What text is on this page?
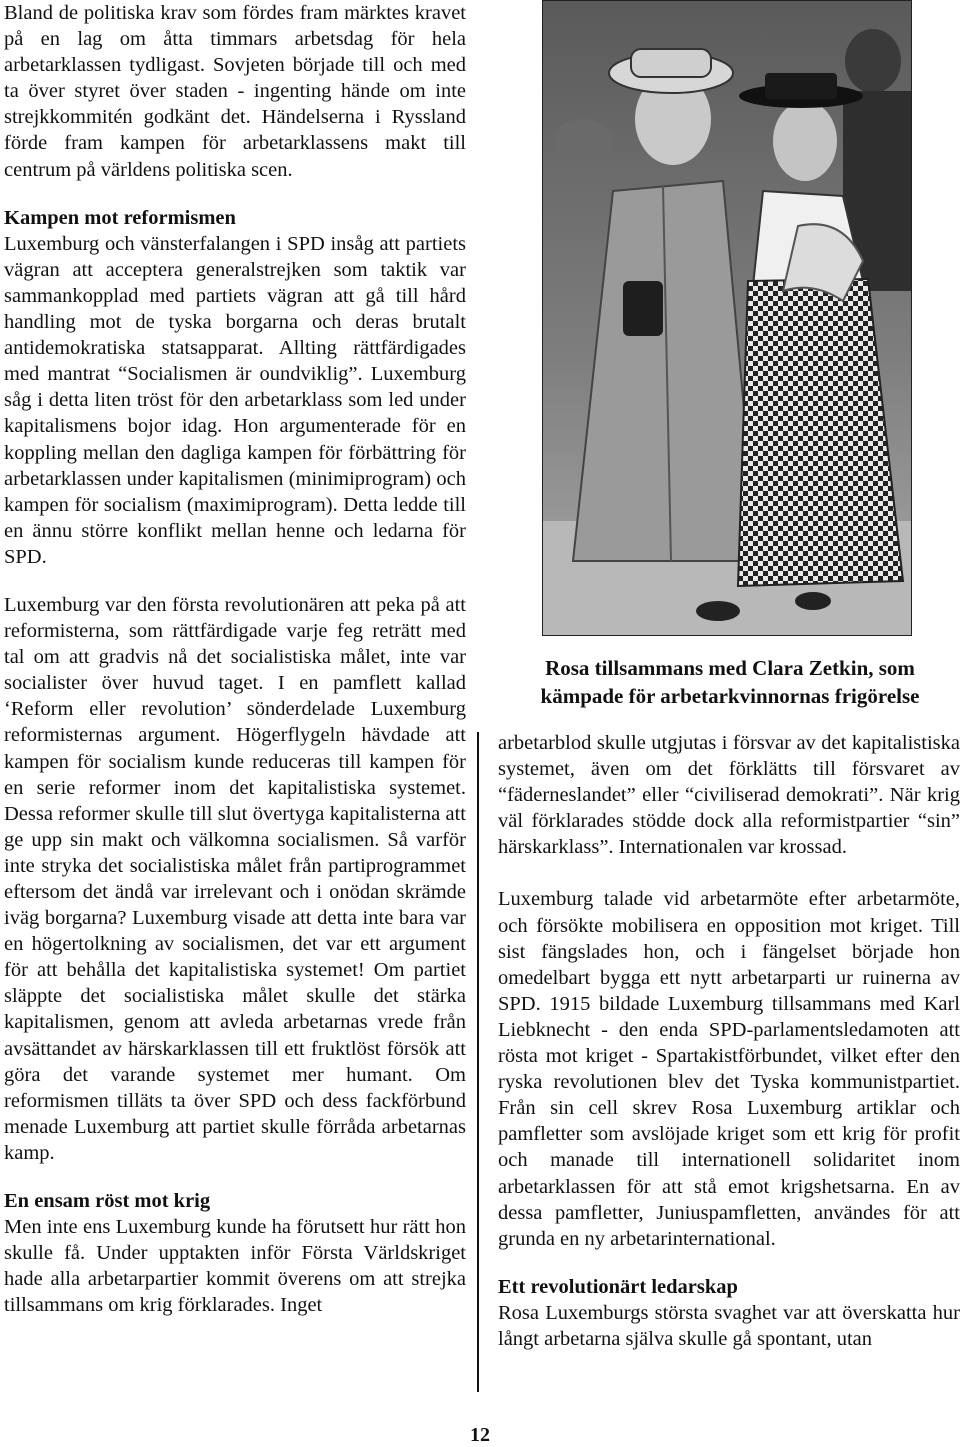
Bland de politiska krav som fördes fram märktes kravet på en lag om åtta timmars arbetsdag för hela arbetarklassen tydligast. Sovjeten började till och med ta över styret över staden - ingenting hände om inte strejkkommitén godkänt det. Händelserna i Ryssland förde fram kampen för arbetarklassens makt till centrum på världens politiska scen.

Kampen mot reformismen

Luxemburg och vänsterfalangen i SPD insåg att partiets vägran att acceptera generalstrejken som taktik var sammankopplad med partiets vägran att gå till hård handling mot de tyska borgarna och deras brutalt antidemokratiska statsapparat. Allting rättfärdigades med mantrat “Socialismen är oundviklig”. Luxemburg såg i detta liten tröst för den arbetarklass som led under kapitalismens bojor idag. Hon argumenterade för en koppling mellan den dagliga kampen för förbättring för arbetarklassen under kapitalismen (minimiprogram) och kampen för socialism (maximiprogram). Detta ledde till en ännu större konflikt mellan henne och ledarna för SPD.

Luxemburg var den första revolutionären att peka på att reformisterna, som rättfärdigade varje feg reträtt med tal om att gradvis nå det socialistiska målet, inte var socialister över huvud taget. I en pamflett kallad ‘Reform eller revolution’ sönderdelade Luxemburg reformisternas argument. Högerflygeln hävdade att kampen för socialism kunde reduceras till kampen för en serie reformer inom det kapitalistiska systemet. Dessa reformer skulle till slut övertyga kapitalisterna att ge upp sin makt och välkomna socialismen. Så varför inte stryka det socialistiska målet från partiprogrammet eftersom det ändå var irrelevant och i onödan skrämde iväg borgarna? Luxemburg visade att detta inte bara var en högertolkning av socialismen, det var ett argument för att behålla det kapitalistiska systemet! Om partiet släppte det socialistiska målet skulle det stärka kapitalismen, genom att avleda arbetarnas vrede från avsättandet av härskarklassen till ett fruktlöst försök att göra det varande systemet mer humant. Om reformismen tilläts ta över SPD och dess fackförbund menade Luxemburg att partiet skulle förråda arbetarnas kamp.

En ensam röst mot krig

Men inte ens Luxemburg kunde ha förutsett hur rätt hon skulle få. Under upptakten inför Första Världskriget hade alla arbetarpartier kommit överens om att strejka tillsammans om krig förklarades. Inget

Rosa tillsammans med Clara Zetkin, som kämpade för arbetarkvinnornas frigörelse

arbetarblod skulle utgjutas i försvar av det kapitalistiska systemet, även om det förklätts till försvaret av “fäderneslandet” eller “civiliserad demokrati”. När krig väl förklarades stödde dock alla reformistpartier “sin” härskarklass”. Internationalen var krossad.

Luxemburg talade vid arbetarmöte efter arbetarmöte, och försökte mobilisera en opposition mot kriget. Till sist fängslades hon, och i fängelset började hon omedelbart bygga ett nytt arbetarparti ur ruinerna av SPD. 1915 bildade Luxemburg tillsammans med Karl Liebknecht - den enda SPD-parlamentsledamoten att rösta mot kriget - Spartakistförbundet, vilket efter den ryska revolutionen blev det Tyska kommunistpartiet. Från sin cell skrev Rosa Luxemburg artiklar och pamfletter som avslöjade kriget som ett krig för profit och manade till internationell solidaritet inom arbetarklassen för att stå emot krigshetsarna. En av dessa pamfletter, Juniuspamfletten, användes för att grunda en ny arbetarinternational.

Ett revolutionärt ledarskap

Rosa Luxemburgs största svaghet var att överskatta hur långt arbetarna själva skulle gå spontant, utan

12
